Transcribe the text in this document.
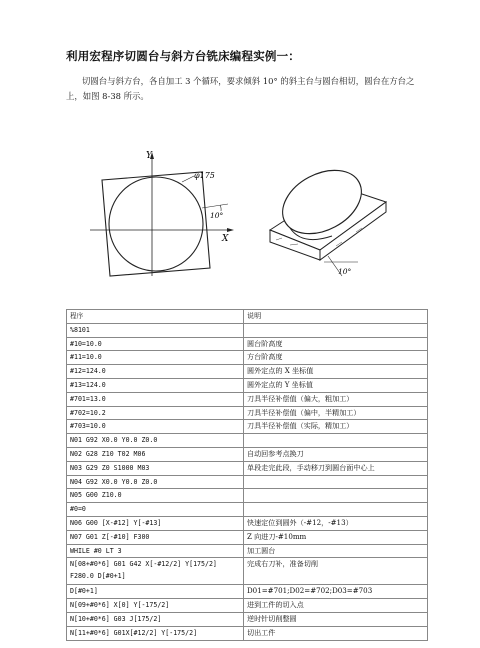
利用宏程序切圆台与斜方台铣床编程实例一：
切圆台与斜方台，各自加工 3 个循环，要求倾斜 10° 的斜主台与圆台相切，圆台在方台之上，如图 8-38 所示。
Y
X
φ175
10°
10°
程序	说明

%8101	

#10=10.0	圆台阶高度

#11=10.0	方台阶高度

#12=124.0	圆外定点的 X 坐标值

#13=124.0	圆外定点的 Y 坐标值

#701=13.0	刀具半径补偿值（偏大，粗加工）

#702=10.2	刀具半径补偿值（偏中，半精加工）

#703=10.0	刀具半径补偿值（实际，精加工）

N01 G92 X0.0 Y0.0 Z0.0	

N02 G28 Z10 T02 M06	自动回参考点换刀

N03 G29 Z0 S1000 M03	单段走完此段，手动移刀到圆台面中心上

N04 G92 X0.0 Y0.0 Z0.0	

N05 G00 Z10.0	

#0=0	

N06 G00 [X-#12] Y[-#13]	快速定位到圆外（-#12，-#13）

N07 G01 Z[-#10] F300	Z 向进刀-#10mm

WHILE #0 LT 3	加工圆台

N[08+#0*6] G01 G42 X[-#12/2] Y[175/2]
F280.0 D[#0+1]	完成右刀补，准备切削

D[#0+1]	D01=#701;D02=#702;D03=#703

N[09+#0*6] X[0] Y[-175/2]	进到工件的切入点

N[10+#0*6] G03 J[175/2]	逆时针切削整圆

N[11+#0*6] G01X[#12/2] Y[-175/2]	切出工件
